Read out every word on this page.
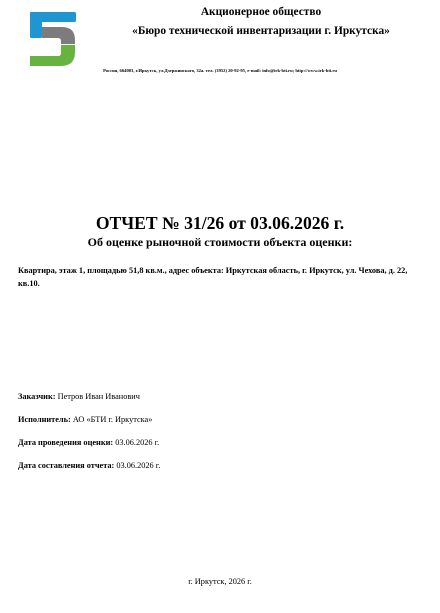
Акционерное общество
«Бюро технической инвентаризации г. Иркутска»
Россия, 664003, г.Иркутск, ул.Дзержинского, 32а. тел. (3952) 20-92-95, e-mail: info@irk-bti.ru; http://www.irk-bti.ru
ОТЧЕТ № 31/26 от 03.06.2026 г.
Об оценке рыночной стоимости объекта оценки:
Квартира, этаж 1, площадью 51,8 кв.м., адрес объекта: Иркутская область, г. Иркутск, ул. Чехова, д. 22, кв.10.
Заказчик: Петров Иван Иванович
Исполнитель: АО «БТИ г. Иркутска»
Дата проведения оценки: 03.06.2026 г.
Дата составления отчета: 03.06.2026 г.
г. Иркутск, 2026 г.
